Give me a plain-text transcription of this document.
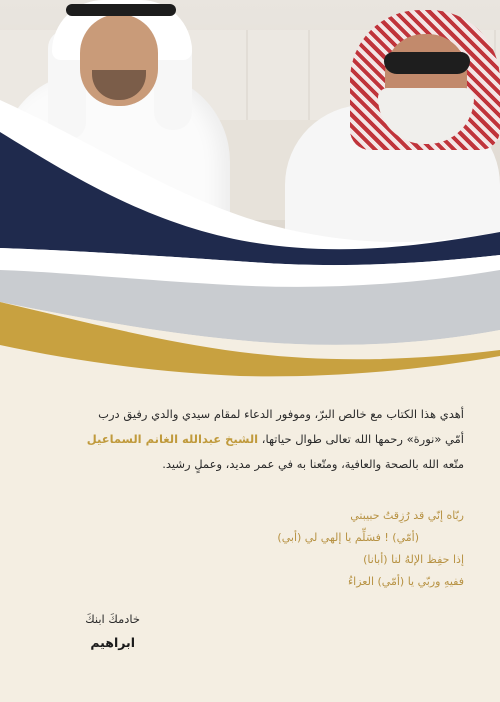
أهدي هذا الكتاب مع خالص البرّ، وموفور الدعاء لمقام سيدي والدي رفيق درب
أمّي «نورة» رحمها الله تعالى طوال حياتها، الشيخ عبدالله الغانم السماعيل
متّعه الله بالصحة والعافية، ومتّعنا به في عمر مديد، وعملٍ رشيد.
ربّاه إنّي قد رُزِقتُ حبيبتي
(أمّي) ! فسَلِّم يا إلهي لي (أبي)
إذا حفِظ الإلهُ لنا (أبانا)
ففيهِ وربّي يا (أمّي) العزاءُ
خادمكَ ابنكَ
ابراهيم
